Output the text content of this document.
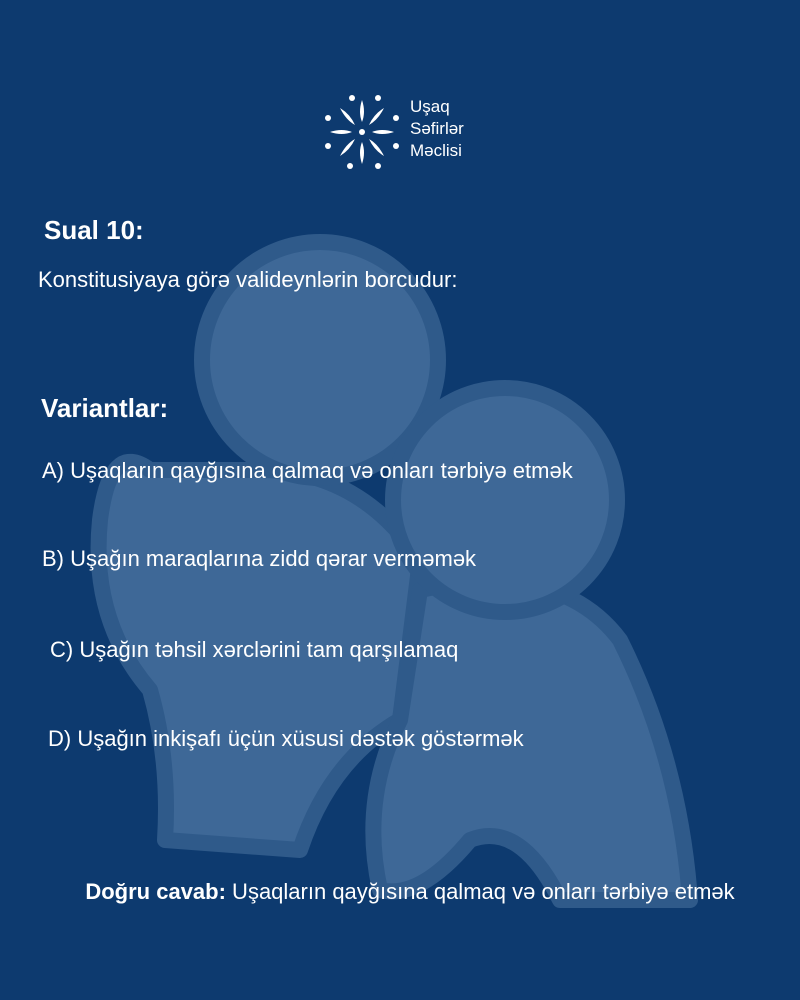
Uşaq
Səfirlər
Məclisi
Sual 10:
Konstitusiyaya görə valideynlərin borcudur:
Variantlar:
A) Uşaqların qayğısına qalmaq və onları tərbiyə etmək
B) Uşağın maraqlarına zidd qərar verməmək
C) Uşağın təhsil xərclərini tam qarşılamaq
D) Uşağın inkişafı üçün xüsusi dəstək göstərmək
Doğru cavab: Uşaqların qayğısına qalmaq və onları tərbiyə etmək
